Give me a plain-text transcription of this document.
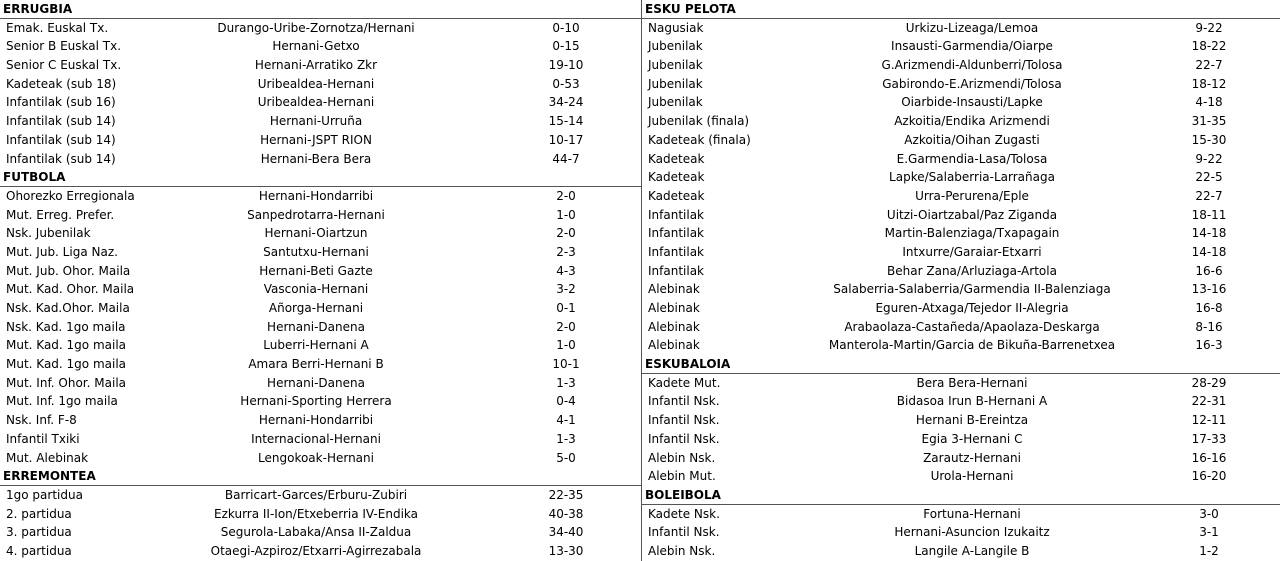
ERRUGBIA
Emak. Euskal Tx.	Durango-Uribe-Zornotza/Hernani	0-10
Senior B Euskal Tx.	Hernani-Getxo	0-15
Senior C Euskal Tx.	Hernani-Arratiko Zkr	19-10
Kadeteak (sub 18)	Uribealdea-Hernani	0-53
Infantilak (sub 16)	Uribealdea-Hernani	34-24
Infantilak (sub 14)	Hernani-Urruña	15-14
Infantilak (sub 14)	Hernani-JSPT RION	10-17
Infantilak (sub 14)	Hernani-Bera Bera	44-7
FUTBOLA
Ohorezko Erregionala	Hernani-Hondarribi	2-0
Mut. Erreg. Prefer.	Sanpedrotarra-Hernani	1-0
Nsk. Jubenilak	Hernani-Oiartzun	2-0
Mut. Jub. Liga Naz.	Santutxu-Hernani	2-3
Mut. Jub. Ohor. Maila	Hernani-Beti Gazte	4-3
Mut. Kad. Ohor. Maila	Vasconia-Hernani	3-2
Nsk. Kad.Ohor. Maila	Añorga-Hernani	0-1
Nsk. Kad. 1go maila	Hernani-Danena	2-0
Mut. Kad. 1go maila	Luberri-Hernani A	1-0
Mut. Kad. 1go maila	Amara Berri-Hernani B	10-1
Mut. Inf. Ohor. Maila	Hernani-Danena	1-3
Mut. Inf. 1go maila	Hernani-Sporting Herrera	0-4
Nsk. Inf. F-8	Hernani-Hondarribi	4-1
Infantil Txiki	Internacional-Hernani	1-3
Mut. Alebinak	Lengokoak-Hernani	5-0
ERREMONTEA
1go partidua	Barricart-Garces/Erburu-Zubiri	22-35
2. partidua	Ezkurra II-Ion/Etxeberria IV-Endika	40-38
3. partidua	Segurola-Labaka/Ansa II-Zaldua	34-40
4. partidua	Otaegi-Azpiroz/Etxarri-Agirrezabala	13-30
ESKU PELOTA
Nagusiak	Urkizu-Lizeaga/Lemoa	9-22
Jubenilak	Insausti-Garmendia/Oiarpe	18-22
Jubenilak	G.Arizmendi-Aldunberri/Tolosa	22-7
Jubenilak	Gabirondo-E.Arizmendi/Tolosa	18-12
Jubenilak	Oiarbide-Insausti/Lapke	4-18
Jubenilak (finala)	Azkoitia/Endika Arizmendi	31-35
Kadeteak (finala)	Azkoitia/Oihan Zugasti	15-30
Kadeteak	E.Garmendia-Lasa/Tolosa	9-22
Kadeteak	Lapke/Salaberria-Larrañaga	22-5
Kadeteak	Urra-Perurena/Eple	22-7
Infantilak	Uitzi-Oiartzabal/Paz Ziganda	18-11
Infantilak	Martin-Balenziaga/Txapagain	14-18
Infantilak	Intxurre/Garaiar-Etxarri	14-18
Infantilak	Behar Zana/Arluziaga-Artola	16-6
Alebinak	Salaberria-Salaberria/Garmendia II-Balenziaga	13-16
Alebinak	Eguren-Atxaga/Tejedor II-Alegria	16-8
Alebinak	Arabaolaza-Castañeda/Apaolaza-Deskarga	8-16
Alebinak	Manterola-Martin/Garcia de Bikuña-Barrenetxea	16-3
ESKUBALOIA
Kadete Mut.	Bera Bera-Hernani	28-29
Infantil Nsk.	Bidasoa Irun B-Hernani A	22-31
Infantil Nsk.	Hernani B-Ereintza	12-11
Infantil Nsk.	Egia 3-Hernani C	17-33
Alebin Nsk.	Zarautz-Hernani	16-16
Alebin Mut.	Urola-Hernani	16-20
BOLEIBOLA
Kadete Nsk.	Fortuna-Hernani	3-0
Infantil Nsk.	Hernani-Asuncion Izukaitz	3-1
Alebin Nsk.	Langile A-Langile B	1-2
